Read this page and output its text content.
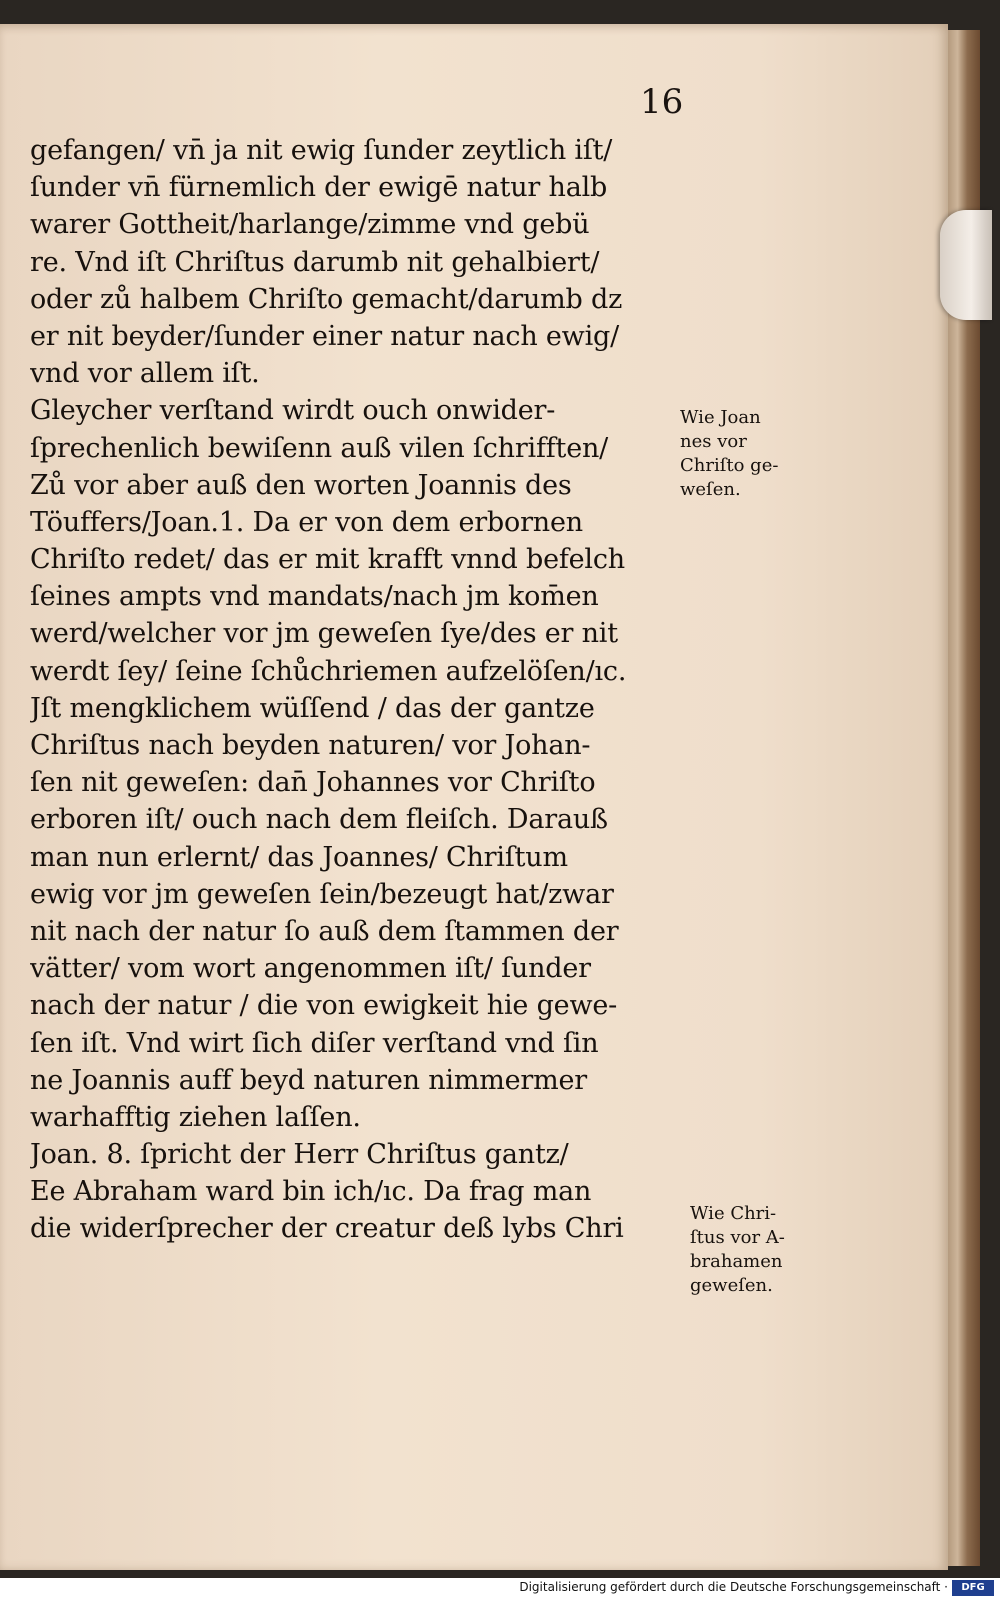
16
gefangen/ vn̄ ja nit ewig ſunder zeytlich iſt/
ſunder vn̄ fürnemlich der ewigē natur halb
warer Gottheit/harlange/zimme vnd gebü
re. Vnd iſt Chriſtus darumb nit gehalbiert/
oder zů halbem Chriſto gemacht/darumb dz
er nit beyder/ſunder einer natur nach ewig/
vnd vor allem iſt.
Gleycher verſtand wirdt ouch onwider-
ſprechenlich bewiſenn auß vilen ſchrifften/
Zů vor aber auß den worten Joannis des
Töuffers/Joan.1. Da er von dem erbornen
Chriſto redet/ das er mit krafft vnnd befelch
ſeines ampts vnd mandats/nach jm kom̄en
werd/welcher vor jm geweſen ſye/des er nit
werdt ſey/ ſeine ſchůchriemen aufzelöſen/ıc.
Jſt mengklichem wüſſend / das der gantze
Chriſtus nach beyden naturen/ vor Johan-
ſen nit geweſen: dan̄ Johannes vor Chriſto
erboren iſt/ ouch nach dem fleiſch. Darauß
man nun erlernt/ das Joannes/ Chriſtum
ewig vor jm geweſen ſein/bezeugt hat/zwar
nit nach der natur ſo auß dem ſtammen der
vätter/ vom wort angenommen iſt/ ſunder
nach der natur / die von ewigkeit hie gewe-
ſen iſt. Vnd wirt ſich diſer verſtand vnd ſin
ne Joannis auff beyd naturen nimmermer
warhafftig ziehen laſſen.
Joan. 8. ſpricht der Herr Chriſtus gantz/
Ee Abraham ward bin ich/ıc. Da frag man
die widerſprecher der creatur deß lybs Chri
Wie Joan
nes vor
Chriſto ge-
weſen.
Wie Chri-
ſtus vor A-
brahamen
geweſen.
Digitalisierung gefördert durch die Deutsche Forschungsgemeinschaft ·	DFG
